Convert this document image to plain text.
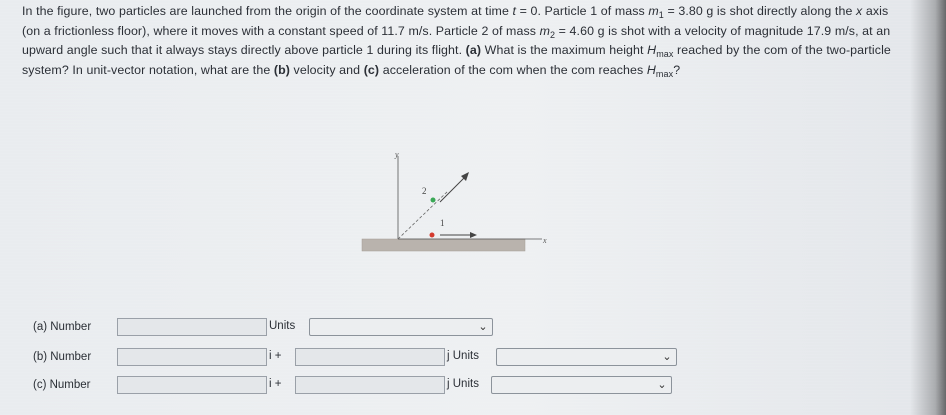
In the figure, two particles are launched from the origin of the coordinate system at time t = 0. Particle 1 of mass $m_1 = 3.80$ g is shot directly along the x axis (on a frictionless floor), where it moves with a constant speed of 11.7 m/s. Particle 2 of mass $m_2 = 4.60$ g is shot with a velocity of magnitude 17.9 m/s, at an upward angle such that it always stays directly above particle 1 during its flight. (a) What is the maximum height $H_{max}$ reached by the com of the two-particle system? In unit-vector notation, what are the (b) velocity and (c) acceleration of the com when the com reaches $H_{max}$?
y
x
2
1
(a) Number	Units	⌄
(b) Number	i +	j Units	⌄
(c) Number	i +	j Units	⌄
